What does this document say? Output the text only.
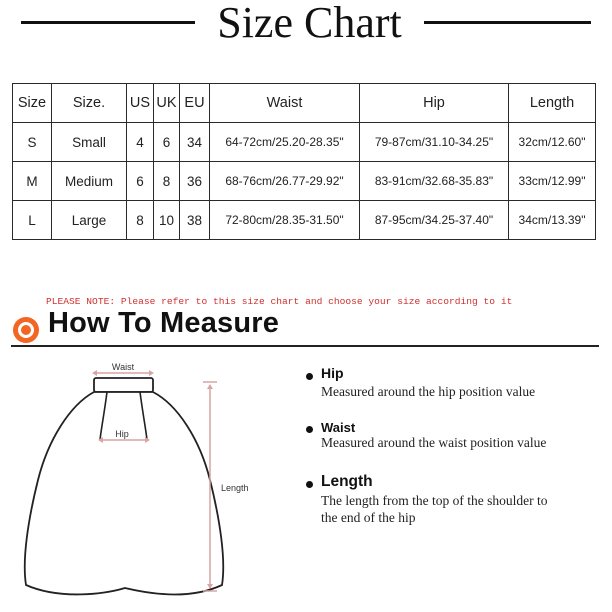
Size Chart
Size	Size.	US	UK	EU	Waist	Hip	Length
S	Small	4	6	34	64-72cm/25.20-28.35"	79-87cm/31.10-34.25"	32cm/12.60"
M	Medium	6	8	36	68-76cm/26.77-29.92"	83-91cm/32.68-35.83"	33cm/12.99"
L	Large	8	10	38	72-80cm/28.35-31.50"	87-95cm/34.25-37.40"	34cm/13.39"
PLEASE NOTE: Please refer to this size chart and choose your size according to it
How To Measure
Waist
Hip
Length
Hip
Measured around the hip position value
Waist
Measured around the waist position value
Length
The length from the top of the shoulder to
the end of the hip
